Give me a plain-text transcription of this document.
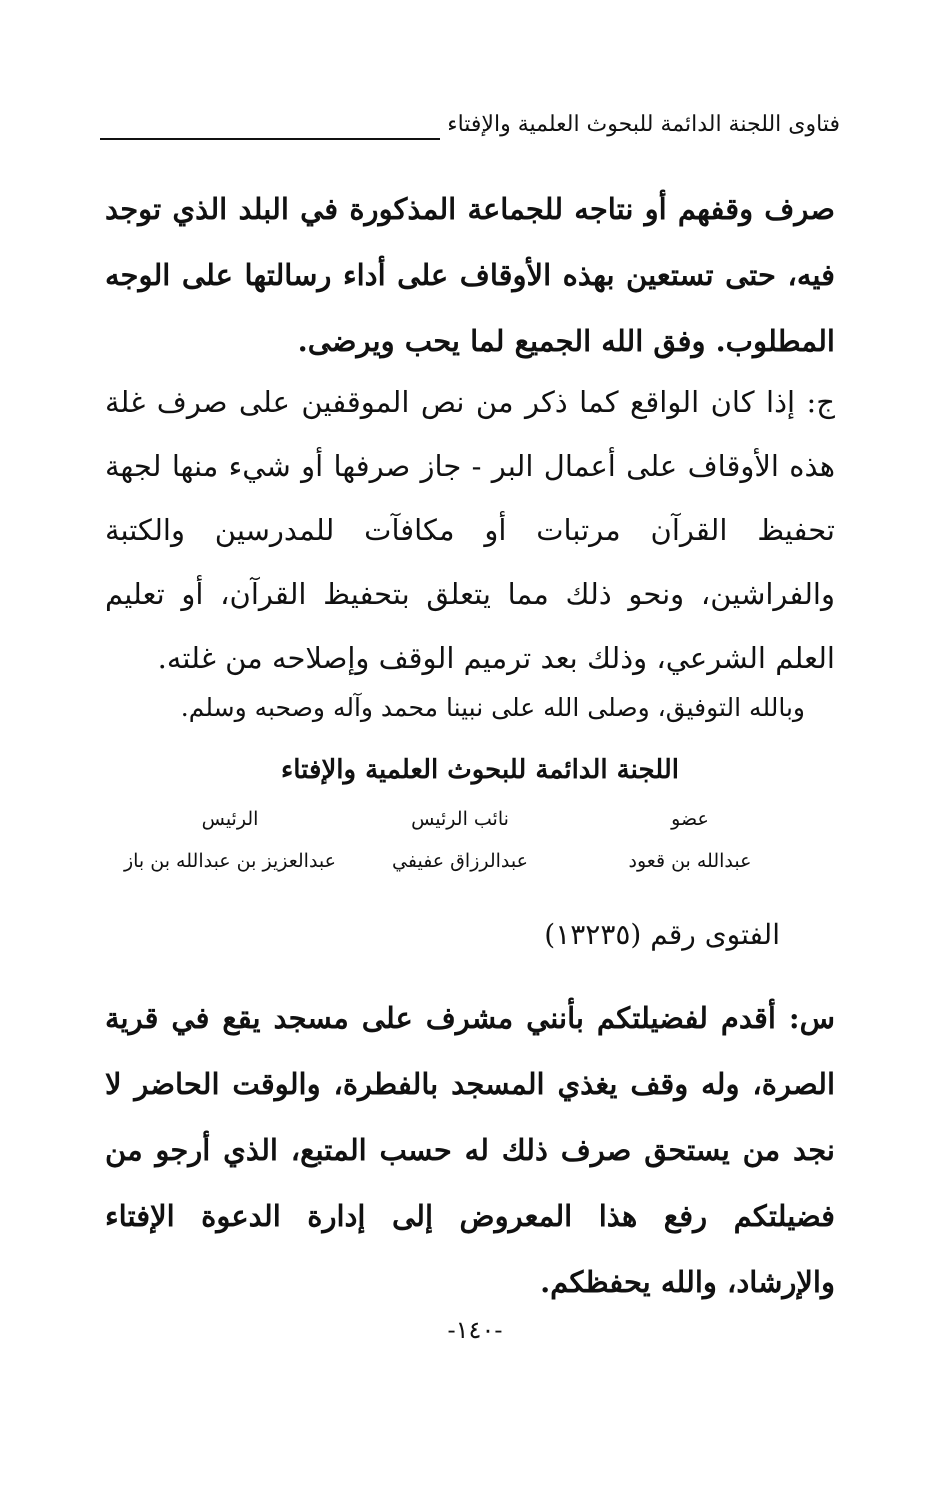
فتاوى اللجنة الدائمة للبحوث العلمية والإفتاء

صرف وقفهم أو نتاجه للجماعة المذكورة في البلد الذي توجد فيه، حتى تستعين بهذه الأوقاف على أداء رسالتها على الوجه المطلوب. وفق الله الجميع لما يحب ويرضى.

ج: إذا كان الواقع كما ذكر من نص الموقفين على صرف غلة هذه الأوقاف على أعمال البر - جاز صرفها أو شيء منها لجهة تحفيظ القرآن مرتبات أو مكافآت للمدرسين والكتبة والفراشين، ونحو ذلك مما يتعلق بتحفيظ القرآن، أو تعليم العلم الشرعي، وذلك بعد ترميم الوقف وإصلاحه من غلته.

وبالله التوفيق، وصلى الله على نبينا محمد وآله وصحبه وسلم.
اللجنة الدائمة للبحوث العلمية والإفتاء
عضو
نائب الرئيس
الرئيس
عبدالله بن قعود
عبدالرزاق عفيفي
عبدالعزيز بن عبدالله بن باز
الفتوى رقم (١٣٢٣٥)

س: أقدم لفضيلتكم بأنني مشرف على مسجد يقع في قرية الصرة، وله وقف يغذي المسجد بالفطرة، والوقت الحاضر لا نجد من يستحق صرف ذلك له حسب المتبع، الذي أرجو من فضيلتكم رفع هذا المعروض إلى إدارة الدعوة الإفتاء والإرشاد، والله يحفظكم.

-١٤٠-
